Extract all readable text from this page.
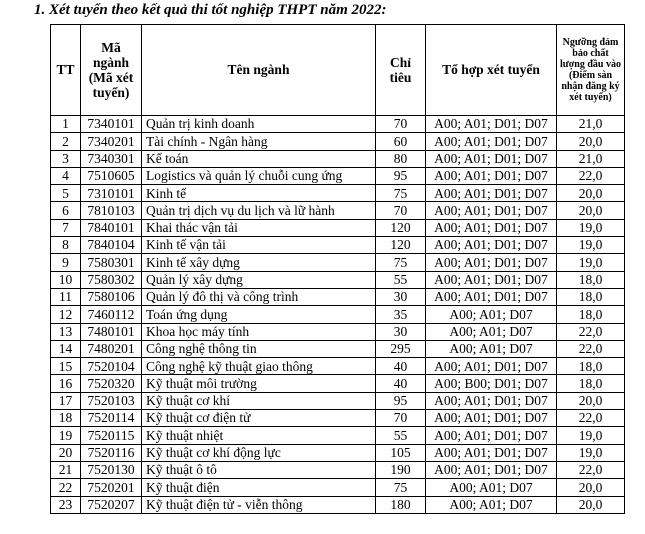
1. Xét tuyển theo kết quả thi tốt nghiệp THPT năm 2022:
TT	Mã ngành (Mã xét tuyển)	Tên ngành	Chỉ tiêu	Tổ hợp xét tuyển	Ngưỡng đảm bảo chất lượng đầu vào (Điểm sàn nhận đăng ký xét tuyển)
1	7340101	Quản trị kinh doanh	70	A00; A01; D01; D07	21,0
2	7340201	Tài chính - Ngân hàng	60	A00; A01; D01; D07	20,0
3	7340301	Kế toán	80	A00; A01; D01; D07	21,0
4	7510605	Logistics và quản lý chuỗi cung ứng	95	A00; A01; D01; D07	22,0
5	7310101	Kinh tế	75	A00; A01; D01; D07	20,0
6	7810103	Quản trị dịch vụ du lịch và lữ hành	70	A00; A01; D01; D07	20,0
7	7840101	Khai thác vận tải	120	A00; A01; D01; D07	19,0
8	7840104	Kinh tế vận tải	120	A00; A01; D01; D07	19,0
9	7580301	Kinh tế xây dựng	75	A00; A01; D01; D07	19,0
10	7580302	Quản lý xây dựng	55	A00; A01; D01; D07	18,0
11	7580106	Quản lý đô thị và công trình	30	A00; A01; D01; D07	18,0
12	7460112	Toán ứng dụng	35	A00; A01; D07	18,0
13	7480101	Khoa học máy tính	30	A00; A01; D07	22,0
14	7480201	Công nghệ thông tin	295	A00; A01; D07	22,0
15	7520104	Công nghệ kỹ thuật giao thông	40	A00; A01; D01; D07	18,0
16	7520320	Kỹ thuật môi trường	40	A00; B00; D01; D07	18,0
17	7520103	Kỹ thuật cơ khí	95	A00; A01; D01; D07	20,0
18	7520114	Kỹ thuật cơ điện tử	70	A00; A01; D01; D07	22,0
19	7520115	Kỹ thuật nhiệt	55	A00; A01; D01; D07	19,0
20	7520116	Kỹ thuật cơ khí động lực	105	A00; A01; D01; D07	19,0
21	7520130	Kỹ thuật ô tô	190	A00; A01; D01; D07	22,0
22	7520201	Kỹ thuật điện	75	A00; A01; D07	20,0
23	7520207	Kỹ thuật điện tử - viễn thông	180	A00; A01; D07	20,0
